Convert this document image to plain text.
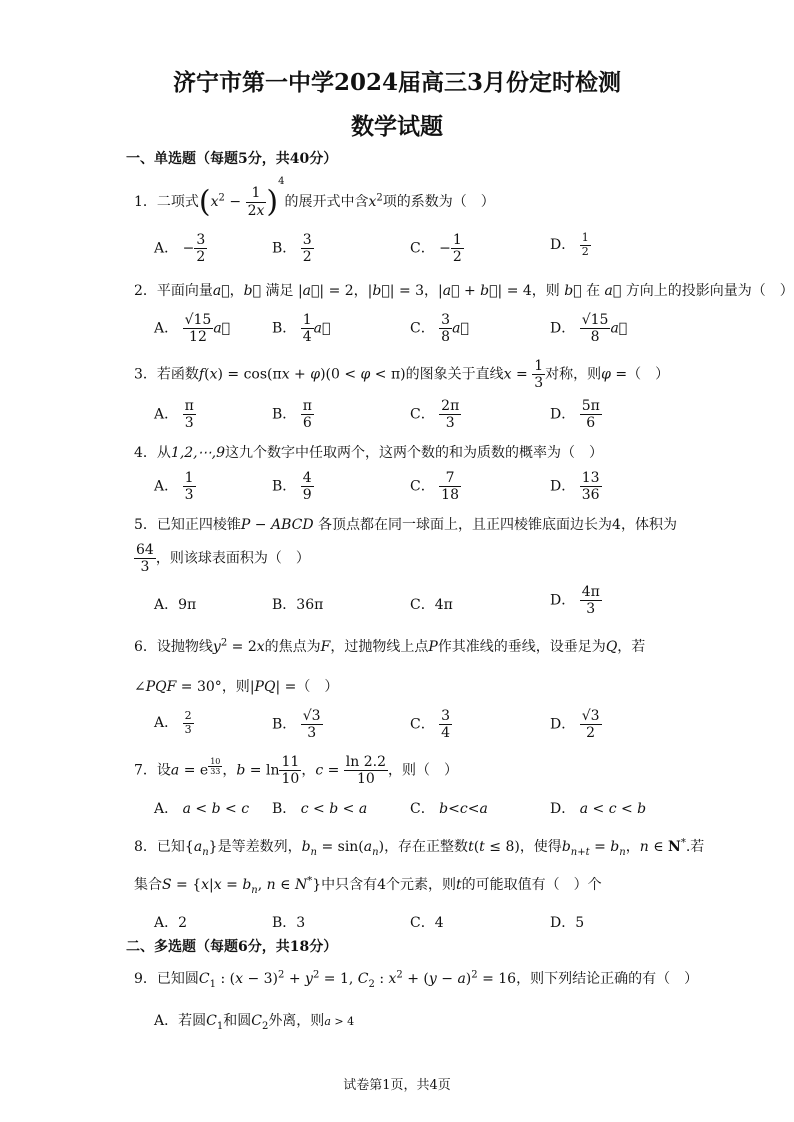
济宁市第一中学2024届高三3月份定时检测
数学试题
一、单选题（每题5分，共40分）
1．二项式$(x^2 - \frac{1}{2x} )^4$的展开式中含$x^2$项的系数为（　）
A． − $\frac{3}{2}$	B． $\frac{3}{2}$	C． − $\frac{1}{2}$	D． $\frac{1}{2}$
2．平面向量a⃗，b⃗ 满足 |a⃗| = 2，|b⃗| = 3，|a⃗ + b⃗| = 4，则 b⃗ 在 a⃗ 方向上的投影向量为（　）
A． $\frac{√15}{12}$ a⃗	B． $\frac{1}{4}$ a⃗	C． $\frac{3}{8}$ a⃗	D． $\frac{√15}{8}$ a⃗
3．若函数f(x) = cos(πx + φ)(0 < φ < π)的图象关于直线$x = \frac{1}{3}$ 对称，则φ =（　）
A． $\frac{\pi}{3}$	B． $\frac{\pi}{6}$	C． $\frac{2\pi}{3}$	D． $\frac{5\pi}{6}$
4．从1,2,⋯,9这九个数字中任取两个，这两个数的和为质数的概率为（　）
A． $\frac{1}{3}$	B． $\frac{4}{9}$	C． $\frac{7}{18}$	D． $\frac{13}{36}$
5．已知正四棱锥P − ABCD 各顶点都在同一球面上，且正四棱锥底面边长为4，体积为
$\frac{64}{3}$ ，则该球表面积为（　）
A．9π	B．36π	C．4π	D． $\frac{4\pi}{3}$
6．设抛物线$y^2 = 2x$的焦点为F，过抛物线上点P作其准线的垂线，设垂足为Q，若
∠PQF = 30°，则|PQ| =（　）
A． $\frac{2}{3}$	B． $\frac{√3}{3}$	C． $\frac{3}{4}$	D． $\frac{√3}{2}$
7．设a = e $^{\frac{10}{33}}$ ，$b = \ln \frac{11}{10}$ ，$c = \frac{\ln 2.2}{10}$ ，则（　）
A． a < b < c B． c < b < a	C． b<c<a	D． a < c < b
8．已知$\{a_n\}$是等差数列，$b_n = \sin(a_n)$，存在正整数t(t ≤ 8)，使得$b_{n+t} = b_n$，n ∈ N*.若
集合$S = \{x|x = b_n$, n ∈ N*}中只含有4个元素，则t的可能取值有（　）个
A．2	B．3	C．4	D．5
二、多选题（每题6分，共18分）
9．已知圆$C_1$ : $(x - 3)^2 + y^2 = 1$, $C_2$ : $x^2 + (y - a)^2 = 16$，则下列结论正确的有（　）
A．若圆$C_1$和圆$C_2$外离，则a > 4
试卷第1页，共4页
